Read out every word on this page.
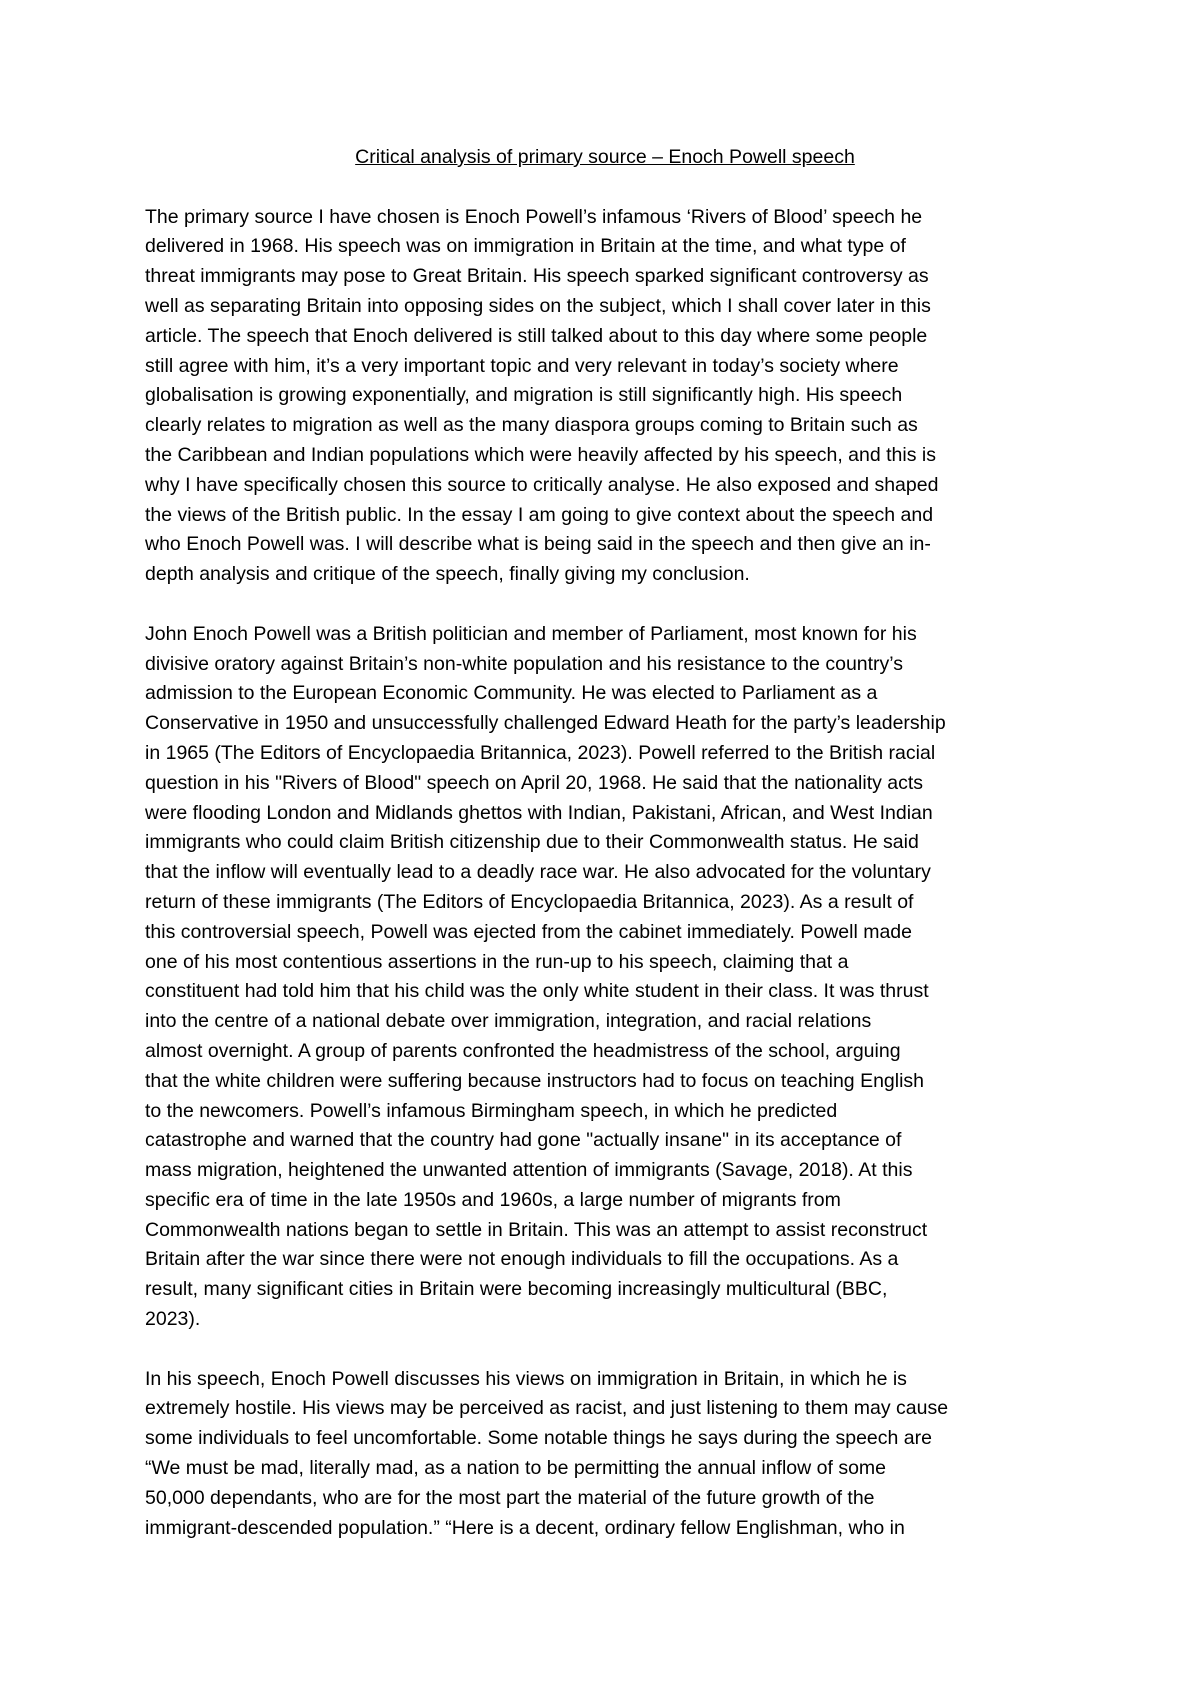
Critical analysis of primary source – Enoch Powell speech

The primary source I have chosen is Enoch Powell’s infamous ‘Rivers of Blood’ speech he
delivered in 1968. His speech was on immigration in Britain at the time, and what type of
threat immigrants may pose to Great Britain. His speech sparked significant controversy as
well as separating Britain into opposing sides on the subject, which I shall cover later in this
article. The speech that Enoch delivered is still talked about to this day where some people
still agree with him, it’s a very important topic and very relevant in today’s society where
globalisation is growing exponentially, and migration is still significantly high. His speech
clearly relates to migration as well as the many diaspora groups coming to Britain such as
the Caribbean and Indian populations which were heavily affected by his speech, and this is
why I have specifically chosen this source to critically analyse. He also exposed and shaped
the views of the British public. In the essay I am going to give context about the speech and
who Enoch Powell was. I will describe what is being said in the speech and then give an in-
depth analysis and critique of the speech, finally giving my conclusion.

John Enoch Powell was a British politician and member of Parliament, most known for his
divisive oratory against Britain’s non-white population and his resistance to the country’s
admission to the European Economic Community. He was elected to Parliament as a
Conservative in 1950 and unsuccessfully challenged Edward Heath for the party’s leadership
in 1965 (The Editors of Encyclopaedia Britannica, 2023). Powell referred to the British racial
question in his "Rivers of Blood" speech on April 20, 1968. He said that the nationality acts
were flooding London and Midlands ghettos with Indian, Pakistani, African, and West Indian
immigrants who could claim British citizenship due to their Commonwealth status. He said
that the inflow will eventually lead to a deadly race war. He also advocated for the voluntary
return of these immigrants (The Editors of Encyclopaedia Britannica, 2023). As a result of
this controversial speech, Powell was ejected from the cabinet immediately. Powell made
one of his most contentious assertions in the run-up to his speech, claiming that a
constituent had told him that his child was the only white student in their class. It was thrust
into the centre of a national debate over immigration, integration, and racial relations
almost overnight. A group of parents confronted the headmistress of the school, arguing
that the white children were suffering because instructors had to focus on teaching English
to the newcomers. Powell’s infamous Birmingham speech, in which he predicted
catastrophe and warned that the country had gone "actually insane" in its acceptance of
mass migration, heightened the unwanted attention of immigrants (Savage, 2018). At this
specific era of time in the late 1950s and 1960s, a large number of migrants from
Commonwealth nations began to settle in Britain. This was an attempt to assist reconstruct
Britain after the war since there were not enough individuals to fill the occupations. As a
result, many significant cities in Britain were becoming increasingly multicultural (BBC,
2023).

In his speech, Enoch Powell discusses his views on immigration in Britain, in which he is
extremely hostile. His views may be perceived as racist, and just listening to them may cause
some individuals to feel uncomfortable. Some notable things he says during the speech are
“We must be mad, literally mad, as a nation to be permitting the annual inflow of some
50,000 dependants, who are for the most part the material of the future growth of the
immigrant-descended population.” “Here is a decent, ordinary fellow Englishman, who in
